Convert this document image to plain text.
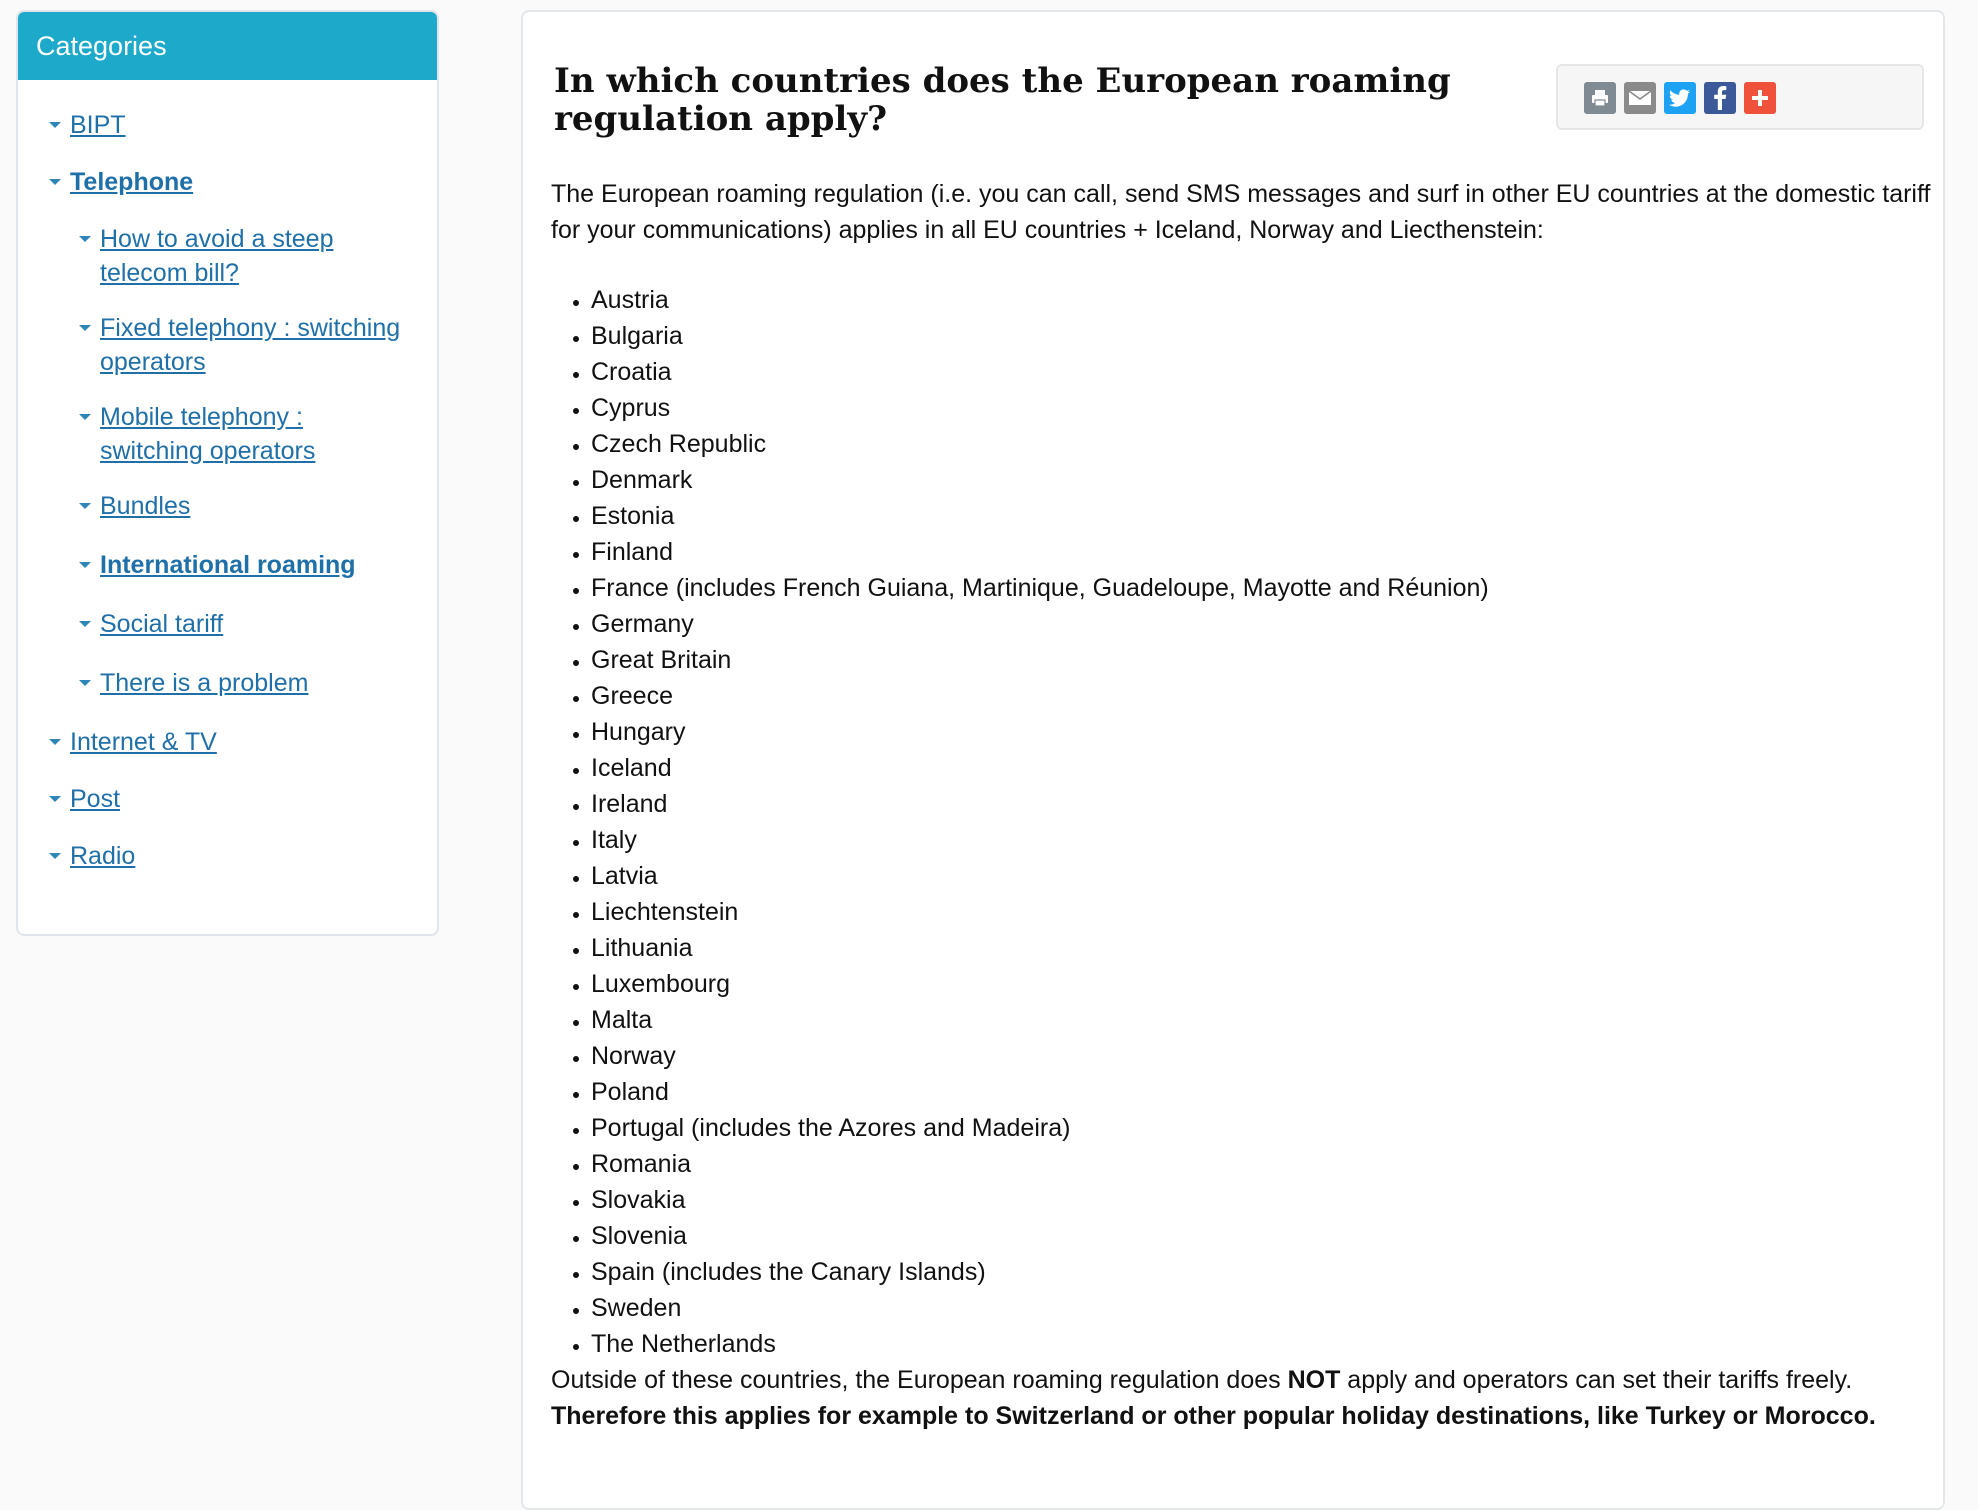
Categories
BIPT
Telephone
How to avoid a steep telecom bill?
Fixed telephony : switching operators
Mobile telephony : switching operators
Bundles
International roaming
Social tariff
There is a problem
Internet & TV
Post
Radio
In which countries does the European roaming regulation apply?

The European roaming regulation (i.e. you can call, send SMS messages and surf in other EU countries at the domestic tariff for your communications) applies in all EU countries + Iceland, Norway and Liecthenstein:

• Austria
• Bulgaria
• Croatia
• Cyprus
• Czech Republic
• Denmark
• Estonia
• Finland
• France (includes French Guiana, Martinique, Guadeloupe, Mayotte and Réunion)
• Germany
• Great Britain
• Greece
• Hungary
• Iceland
• Ireland
• Italy
• Latvia
• Liechtenstein
• Lithuania
• Luxembourg
• Malta
• Norway
• Poland
• Portugal (includes the Azores and Madeira)
• Romania
• Slovakia
• Slovenia
• Spain (includes the Canary Islands)
• Sweden
• The Netherlands

Outside of these countries, the European roaming regulation does NOT apply and operators can set their tariffs freely. Therefore this applies for example to Switzerland or other popular holiday destinations, like Turkey or Morocco.
